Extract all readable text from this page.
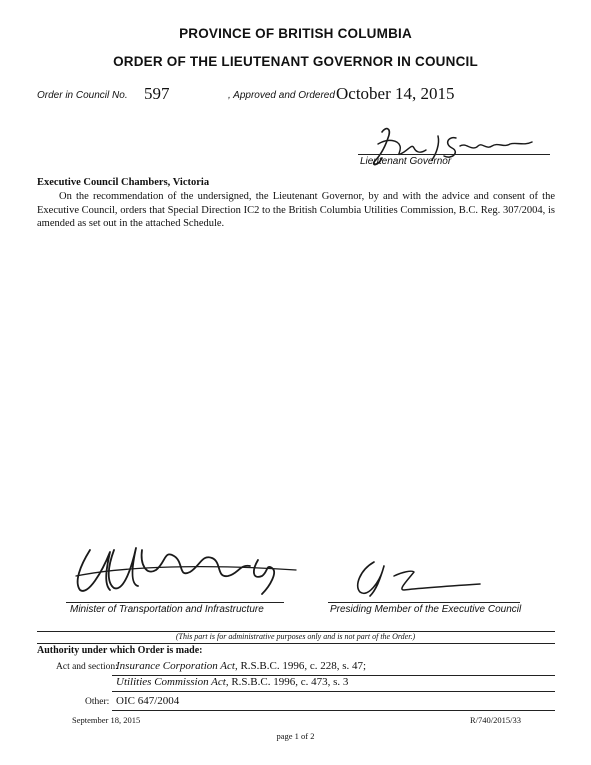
PROVINCE OF BRITISH COLUMBIA
ORDER OF THE LIEUTENANT GOVERNOR IN COUNCIL
Order in Council No. 597	, Approved and Ordered October 14, 2015
Lieutenant Governor
Executive Council Chambers, Victoria
On the recommendation of the undersigned, the Lieutenant Governor, by and with the advice and consent of the Executive Council, orders that Special Direction IC2 to the British Columbia Utilities Commission, B.C. Reg. 307/2004, is amended as set out in the attached Schedule.
Minister of Transportation and Infrastructure	Presiding Member of the Executive Council
(This part is for administrative purposes only and is not part of the Order.)
Authority under which Order is made:
Act and section:
Insurance Corporation Act, R.S.B.C. 1996, c. 228, s. 47;
Utilities Commission Act, R.S.B.C. 1996, c. 473, s. 3
Other: OIC 647/2004
September 18, 2015	R/740/2015/33
page 1 of 2
